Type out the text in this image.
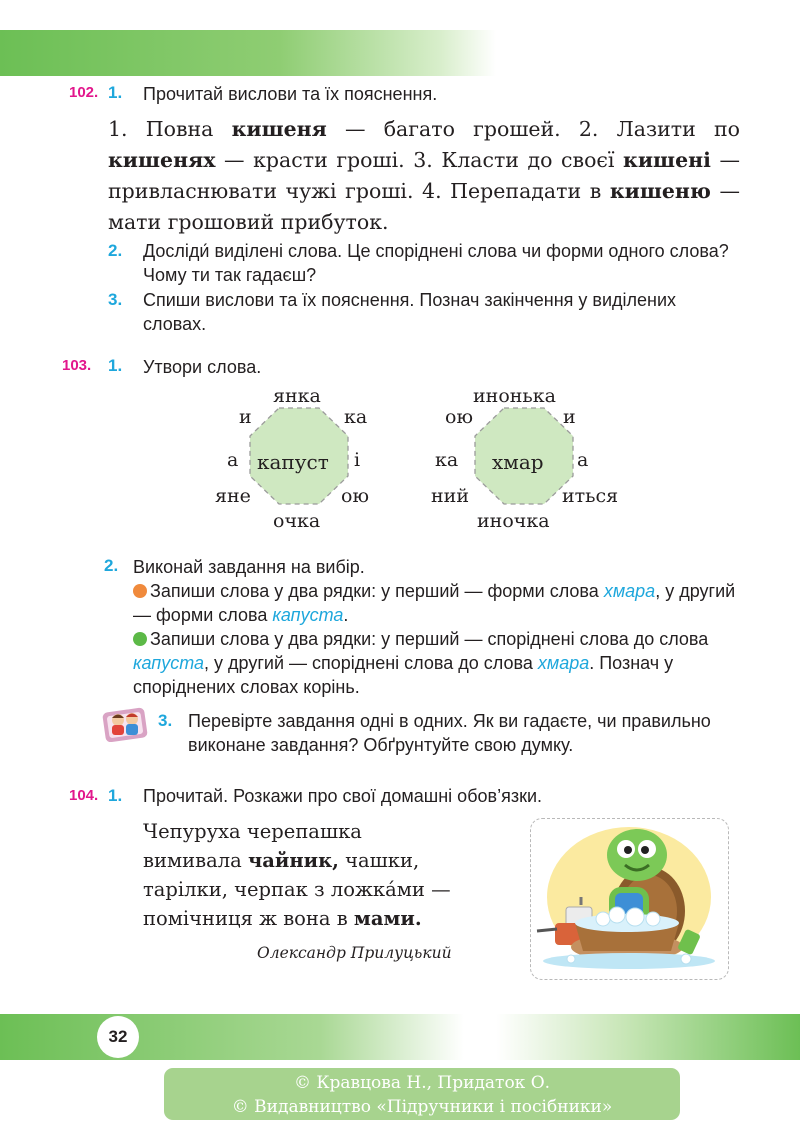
102. 1. Прочитай вислови та їх пояснення.
1. Повна кишеня — багато грошей. 2. Лазити по кишенях — красти гроші. 3. Класти до своєї кишені — привласнювати чужі гроші. 4. Перепадати в кишеню — мати грошовий прибуток.
2. Досліди́ виділені слова. Це споріднені слова чи форми одного слова? Чому ти так гадаєш?
3. Спиши вислови та їх пояснення. Познач закінчення у виділених словах.
103. 1. Утвори слова.
янка
и	ка
а капуст і
яне	ою
очка
инонька
ою	и
ка хмар а
ний	иться
иночка
2. Виконай завдання на вибір.
Запиши слова у два рядки: у перший — форми слова хмара, у другий — форми слова капуста.
Запиши слова у два рядки: у перший — споріднені слова до слова капуста, у другий — споріднені слова до слова хмара. Познач у споріднених словах корінь.
3. Перевірте завдання одні в одних. Як ви гадаєте, чи правильно виконане завдання? Обґрунтуйте свою думку.
104. 1. Прочитай. Розкажи про свої домашні обов’язки.
Чепуруха черепашка
вимивала чайник, чашки,
тарілки, черпак з ложка́ми —
помічниця ж вона в мами.
Олександр Прилуцький
32
© Кравцова Н., Придаток О.
© Видавництво «Підручники і посібники»
